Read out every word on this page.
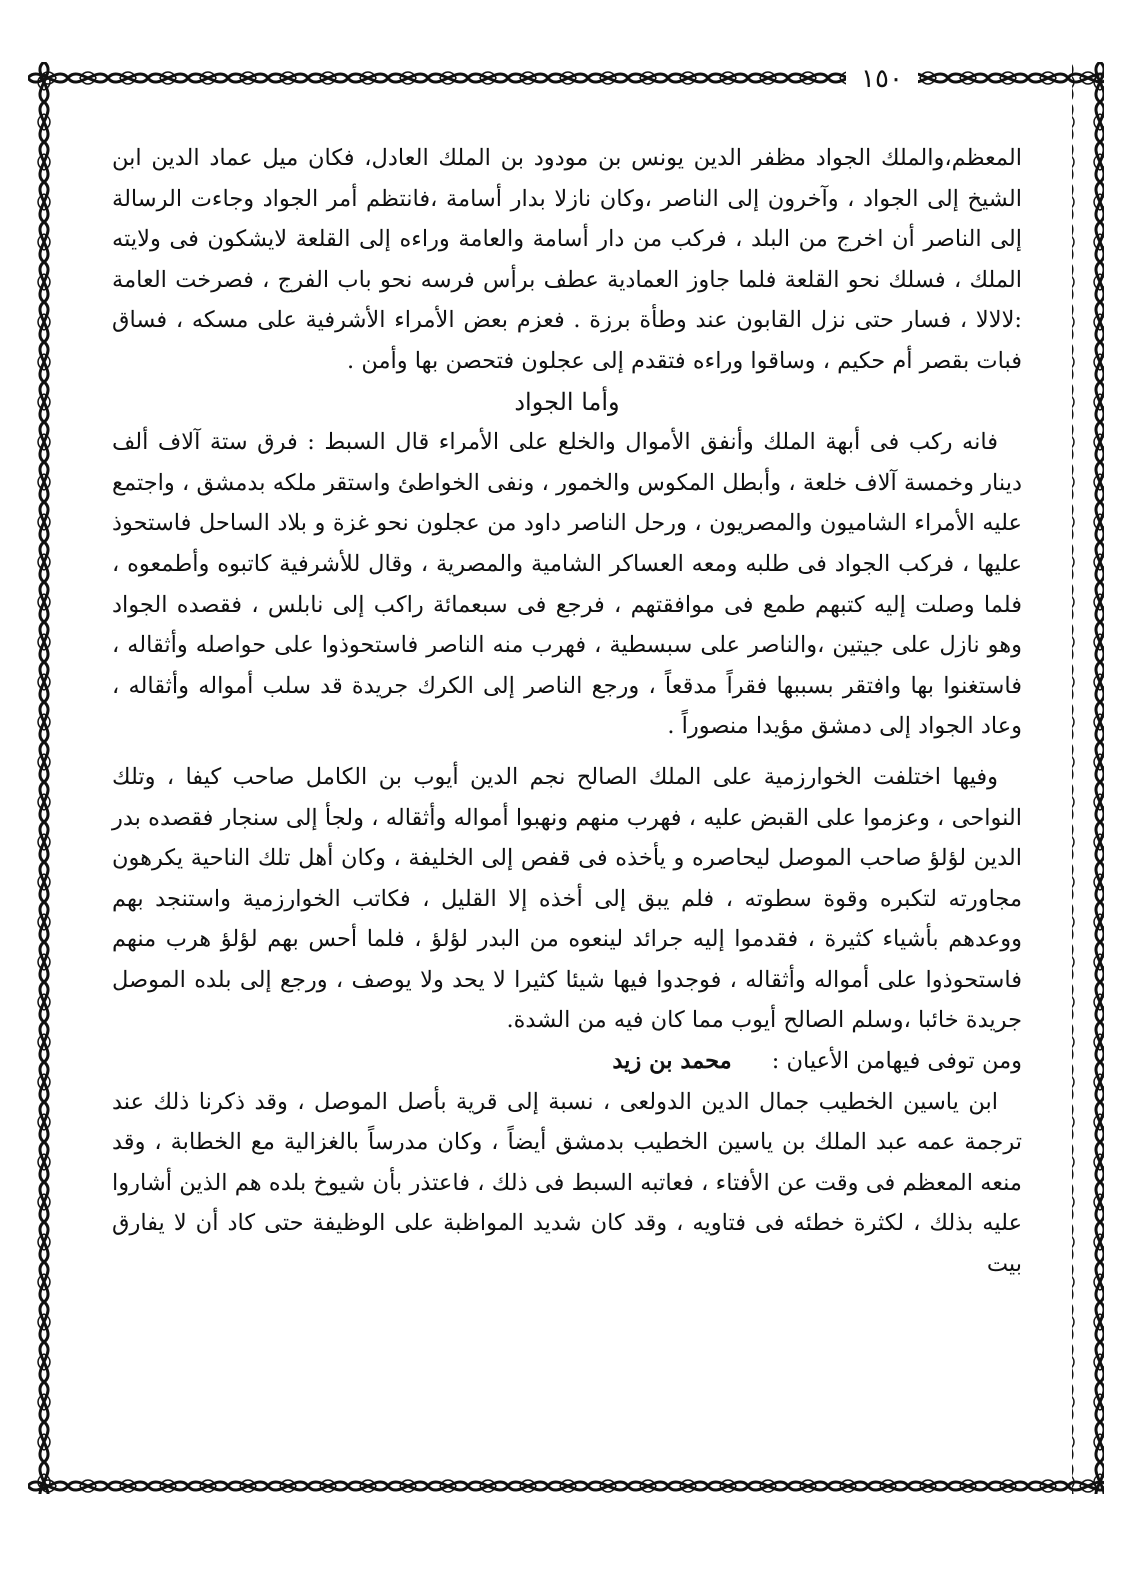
١٥٠

المعظم،والملك الجواد مظفر الدين يونس بن مودود بن الملك العادل، فكان ميل عماد الدين ابن الشيخ إلى الجواد ، وآخرون إلى الناصر ،وكان نازلا بدار أسامة ،فانتظم أمر الجواد وجاءت الرسالة إلى الناصر أن اخرج من البلد ، فركب من دار أسامة والعامة وراءه إلى القلعة لايشكون فى ولايته الملك ، فسلك نحو القلعة فلما جاوز العمادية عطف برأس فرسه نحو باب الفرج ، فصرخت العامة :لالالا ، فسار حتى نزل القابون عند وطأة برزة . فعزم بعض الأمراء الأشرفية على مسكه ، فساق فبات بقصر أم حكيم ، وساقوا وراءه فتقدم إلى عجلون فتحصن بها وأمن .

وأما الجواد

فانه ركب فى أبهة الملك وأنفق الأموال والخلع على الأمراء قال السبط : فرق ستة آلاف ألف دينار وخمسة آلاف خلعة ، وأبطل المكوس والخمور ، ونفى الخواطئ واستقر ملكه بدمشق ، واجتمع عليه الأمراء الشاميون والمصريون ، ورحل الناصر داود من عجلون نحو غزة و بلاد الساحل فاستحوذ عليها ، فركب الجواد فى طلبه ومعه العساكر الشامية والمصرية ، وقال للأشرفية كاتبوه وأطمعوه ، فلما وصلت إليه كتبهم طمع فى موافقتهم ، فرجع فى سبعمائة راكب إلى نابلس ، فقصده الجواد وهو نازل على جيتين ،والناصر على سبسطية ، فهرب منه الناصر فاستحوذوا على حواصله وأثقاله ، فاستغنوا بها وافتقر بسببها فقراً مدقعاً ، ورجع الناصر إلى الكرك جريدة قد سلب أمواله وأثقاله ، وعاد الجواد إلى دمشق مؤيدا منصوراً .

وفيها اختلفت الخوارزمية على الملك الصالح نجم الدين أيوب بن الكامل صاحب كيفا ، وتلك النواحى ، وعزموا على القبض عليه ، فهرب منهم ونهبوا أمواله وأثقاله ، ولجأ إلى سنجار فقصده بدر الدين لؤلؤ صاحب الموصل ليحاصره و يأخذه فى قفص إلى الخليفة ، وكان أهل تلك الناحية يكرهون مجاورته لتكبره وقوة سطوته ، فلم يبق إلى أخذه إلا القليل ، فكاتب الخوارزمية واستنجد بهم ووعدهم بأشياء كثيرة ، فقدموا إليه جرائد لينعوه من البدر لؤلؤ ، فلما أحس بهم لؤلؤ هرب منهم فاستحوذوا على أمواله وأثقاله ، فوجدوا فيها شيئا كثيرا لا يحد ولا يوصف ، ورجع إلى بلده الموصل جريدة خائبا ،وسلم الصالح أيوب مما كان فيه من الشدة.

ومن توفى فيهامن الأعيان :
محمد بن زيد

ابن ياسين الخطيب جمال الدين الدولعى ، نسبة إلى قرية بأصل الموصل ، وقد ذكرنا ذلك عند ترجمة عمه عبد الملك بن ياسين الخطيب بدمشق أيضاً ، وكان مدرساً بالغزالية مع الخطابة ، وقد منعه المعظم فى وقت عن الأفتاء ، فعاتبه السبط فى ذلك ، فاعتذر بأن شيوخ بلده هم الذين أشاروا عليه بذلك ، لكثرة خطئه فى فتاويه ، وقد كان شديد المواظبة على الوظيفة حتى كاد أن لا يفارق بيت
